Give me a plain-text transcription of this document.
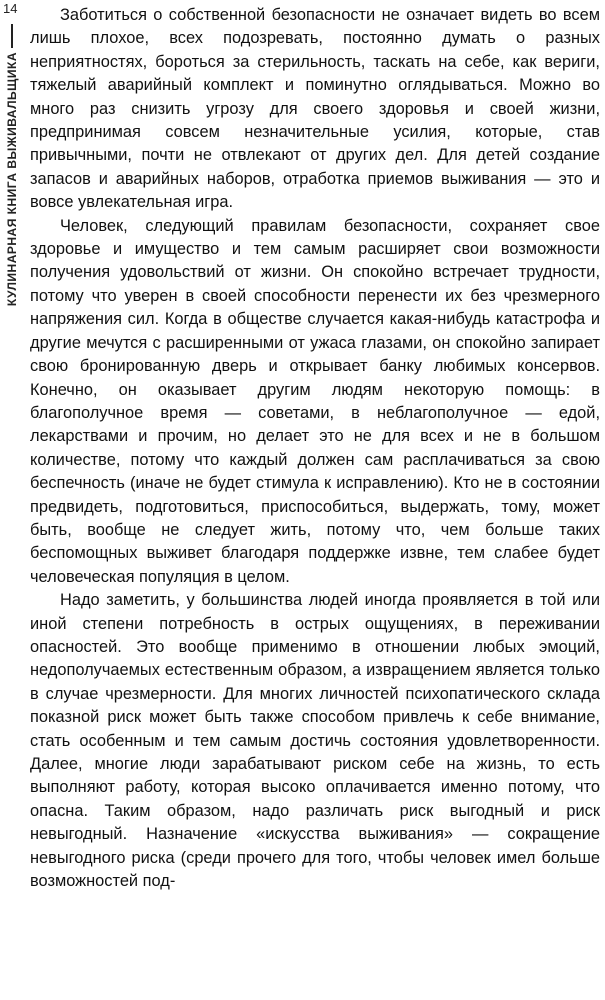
14
КУЛИНАРНАЯ КНИГА ВЫЖИВАЛЬЩИКА

Заботиться о собственной безопасности не означает видеть во всем лишь плохое, всех подозревать, постоянно думать о разных неприятностях, бороться за стерильность, таскать на себе, как вериги, тяжелый аварийный комплект и поминутно оглядываться. Можно во много раз снизить угрозу для своего здоровья и своей жизни, предпринимая совсем незначительные усилия, которые, став привычными, почти не отвлекают от других дел. Для детей создание запасов и аварийных наборов, отработка приемов выживания — это и вовсе увлекательная игра.

Человек, следующий правилам безопасности, сохраняет свое здоровье и имущество и тем самым расширяет свои возможности получения удовольствий от жизни. Он спокойно встречает трудности, потому что уверен в своей способности перенести их без чрезмерного напряжения сил. Когда в обществе случается какая-нибудь катастрофа и другие мечутся с расширенными от ужаса глазами, он спокойно запирает свою бронированную дверь и открывает банку любимых консервов. Конечно, он оказывает другим людям некоторую помощь: в благополучное время — советами, в неблагополучное — едой, лекарствами и прочим, но делает это не для всех и не в большом количестве, потому что каждый должен сам расплачиваться за свою беспечность (иначе не будет стимула к исправлению). Кто не в состоянии предвидеть, подготовиться, приспособиться, выдержать, тому, может быть, вообще не следует жить, потому что, чем больше таких беспомощных выживет благодаря поддержке извне, тем слабее будет человеческая популяция в целом.

Надо заметить, у большинства людей иногда проявляется в той или иной степени потребность в острых ощущениях, в переживании опасностей. Это вообще применимо в отношении любых эмоций, недополучаемых естественным образом, а извращением является только в случае чрезмерности. Для многих личностей психопатического склада показной риск может быть также способом привлечь к себе внимание, стать особенным и тем самым достичь состояния удовлетворенности. Далее, многие люди зарабатывают риском себе на жизнь, то есть выполняют работу, которая высоко оплачивается именно потому, что опасна. Таким образом, надо различать риск выгодный и риск невыгодный. Назначение «искусства выживания» — сокращение невыгодного риска (среди прочего для того, чтобы человек имел больше возможностей под-
